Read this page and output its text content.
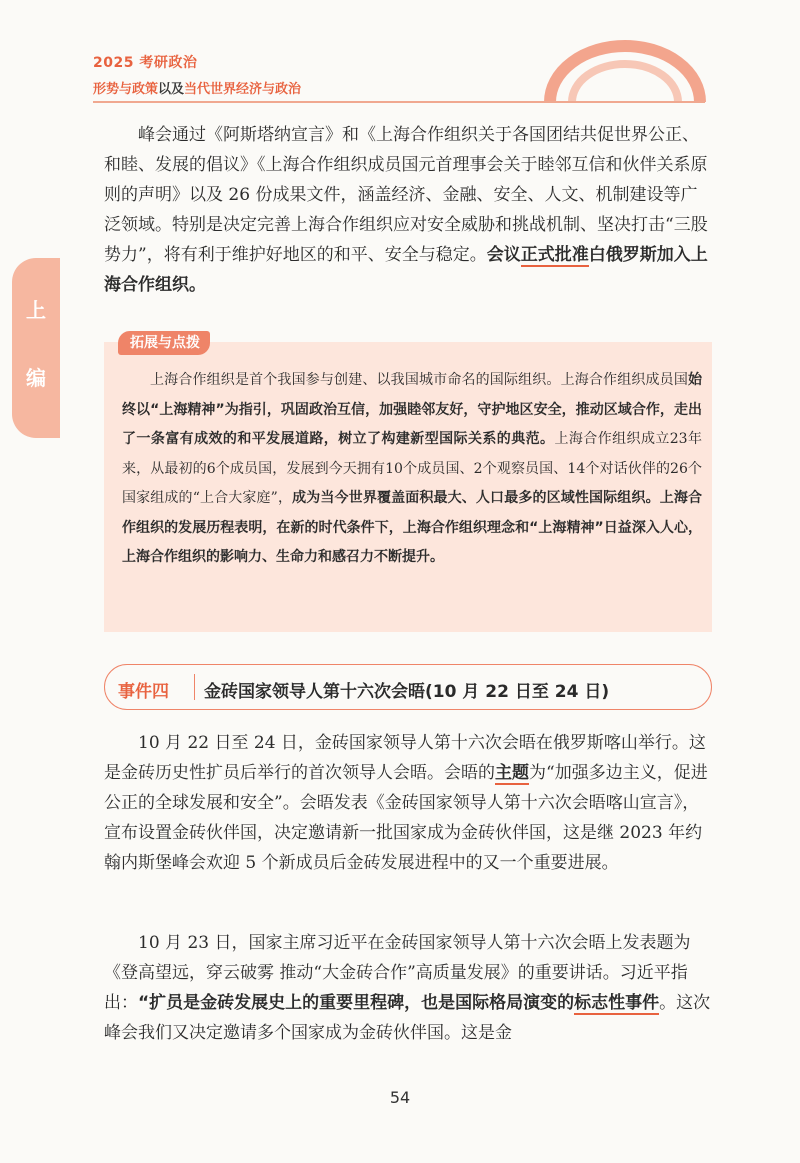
2025 考研政治
形势与政策以及当代世界经济与政治
上
编

峰会通过《阿斯塔纳宣言》和《上海合作组织关于各国团结共促世界公正、和睦、发展的倡议》《上海合作组织成员国元首理事会关于睦邻互信和伙伴关系原则的声明》以及 26 份成果文件，涵盖经济、金融、安全、人文、机制建设等广泛领域。特别是决定完善上海合作组织应对安全威胁和挑战机制、坚决打击“三股势力”，将有利于维护好地区的和平、安全与稳定。会议正式批准白俄罗斯加入上海合作组织。

拓展与点拨

上海合作组织是首个我国参与创建、以我国城市命名的国际组织。上海合作组织成员国始终以“上海精神”为指引，巩固政治互信，加强睦邻友好，守护地区安全，推动区域合作，走出了一条富有成效的和平发展道路，树立了构建新型国际关系的典范。上海合作组织成立23年来，从最初的6个成员国，发展到今天拥有10个成员国、2个观察员国、14个对话伙伴的26个国家组成的“上合大家庭”，成为当今世界覆盖面积最大、人口最多的区域性国际组织。上海合作组织的发展历程表明，在新的时代条件下，上海合作组织理念和“上海精神”日益深入人心，上海合作组织的影响力、生命力和感召力不断提升。

事件四 金砖国家领导人第十六次会晤(10 月 22 日至 24 日)

10 月 22 日至 24 日，金砖国家领导人第十六次会晤在俄罗斯喀山举行。这是金砖历史性扩员后举行的首次领导人会晤。会晤的主题为“加强多边主义，促进公正的全球发展和安全”。会晤发表《金砖国家领导人第十六次会晤喀山宣言》，宣布设置金砖伙伴国，决定邀请新一批国家成为金砖伙伴国，这是继 2023 年约翰内斯堡峰会欢迎 5 个新成员后金砖发展进程中的又一个重要进展。

10 月 23 日，国家主席习近平在金砖国家领导人第十六次会晤上发表题为《登高望远，穿云破雾 推动“大金砖合作”高质量发展》的重要讲话。习近平指出：“扩员是金砖发展史上的重要里程碑，也是国际格局演变的标志性事件。这次峰会我们又决定邀请多个国家成为金砖伙伴国。这是金

54
